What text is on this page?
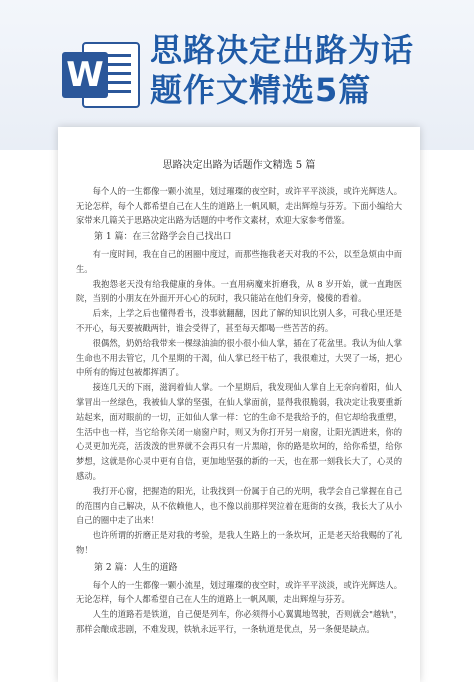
W
思路决定出路为话
题作文精选5篇
思路决定出路为话题作文精选 5 篇

每个人的一生都像一颗小流星，划过璀璨的夜空时，或许平平淡淡，或许光辉迭人。无论怎样，每个人都希望自己在人生的道路上一帆风顺，走出辉煌与芬芳。下面小编给大家带来几篇关于思路决定出路为话题的中考作文素材，欢迎大家参考借鉴。

第 1 篇：在三岔路学会自己找出口

有一度时间，我在自己的困圈中度过，而那些拖我老天对我的不公，以至急烦由中而生。

我抱怨老天没有给我健康的身体。一直用病魔来折磨我，从 8 岁开始，就一直跑医院，当别的小朋友在外面开开心心的玩时，我只能站在他们身旁，傻傻的看着。

后来，上学之后也懂得看书，没事就翻翻，因此了解的知识比别人多，可我心里还是不开心，每天要被戳两针，谁会受得了，甚至每天都喝一些苦苦的药。

很偶然，奶奶给我带来一棵绿油油的很小很小仙人掌，插在了花盆里。我认为仙人掌生命也不用去管它，几个星期的干渴，仙人掌已经干枯了，我很难过，大哭了一场，把心中所有的悔过包被都挥洒了。

接连几天的下雨，滋润着仙人掌。一个星期后，我发现仙人掌自上无奈向着阳，仙人掌冒出一丝绿色，我被仙人掌的坚强，在仙人掌面前，显得我很脆弱，我决定让我要重新站起来，面对眼前的一切，正如仙人掌一样：它的生命不是我给予的，但它却给我重塑，生活中也一样，当它给你关闭一扇窗户时，则又为你打开另一扇窗，让阳光洒进来，你的心灵更加光亮，活泼泼的世界就不会再只有一片黑暗，你的路是坎坷的，给你希望，给你梦想，这就是你心灵中更有自信，更加地坚强的新的一天，也在那一刻我长大了，心灵的感动。

我打开心窗，把握造的阳光，让我找到一份属于自己的光明，我学会自己掌握在自己的范围内自己解决，从不依赖他人，也不像以前那样哭泣着在逛街的女孩，我长大了从小自己的圈中走了出来！

也许所谓的折磨正是对我的考验，是我人生路上的一条坎坷，正是老天给我赐的了礼物！

第 2 篇：人生的道路

每个人的一生都像一颗小流星，划过璀璨的夜空时，或许平平淡淡，或许光辉迭人。无论怎样，每个人都希望自己在人生的道路上一帆风顺，走出辉煌与芬芳。

人生的道路若是铁道，自己便是列车，你必须得小心翼翼地驾驶，否则就会"越轨"，那样会酿成悲剧，不难发现，铁轨永远平行，一条轨道是优点，另一条便是缺点。
